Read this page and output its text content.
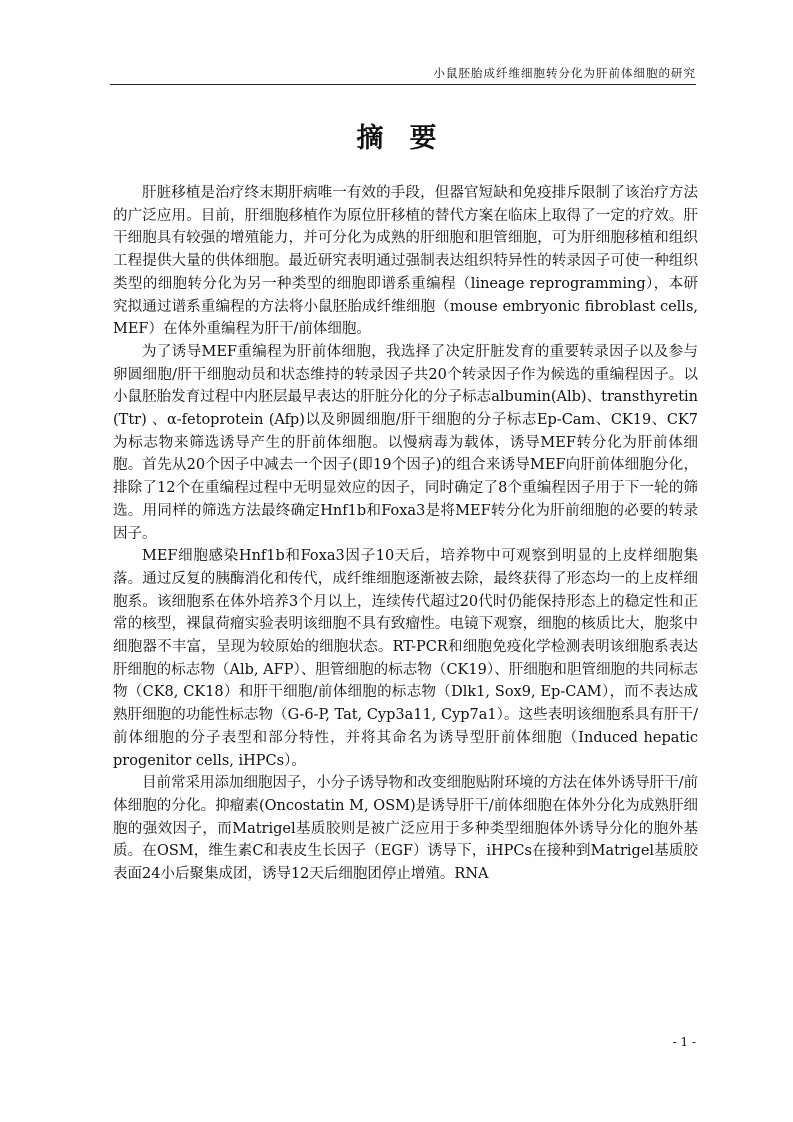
小鼠胚胎成纤维细胞转分化为肝前体细胞的研究
摘要

肝脏移植是治疗终末期肝病唯一有效的手段，但器官短缺和免疫排斥限制了该治疗方法的广泛应用。目前，肝细胞移植作为原位肝移植的替代方案在临床上取得了一定的疗效。肝干细胞具有较强的增殖能力，并可分化为成熟的肝细胞和胆管细胞，可为肝细胞移植和组织工程提供大量的供体细胞。最近研究表明通过强制表达组织特异性的转录因子可使一种组织类型的细胞转分化为另一种类型的细胞即谱系重编程（lineage reprogramming），本研究拟通过谱系重编程的方法将小鼠胚胎成纤维细胞（mouse embryonic fibroblast cells, MEF）在体外重编程为肝干/前体细胞。

为了诱导MEF重编程为肝前体细胞，我选择了决定肝脏发育的重要转录因子以及参与卵圆细胞/肝干细胞动员和状态维持的转录因子共20个转录因子作为候选的重编程因子。以小鼠胚胎发育过程中内胚层最早表达的肝脏分化的分子标志albumin(Alb)、transthyretin (Ttr) 、α-fetoprotein (Afp)以及卵圆细胞/肝干细胞的分子标志Ep-Cam、CK19、CK7为标志物来筛选诱导产生的肝前体细胞。以慢病毒为载体，诱导MEF转分化为肝前体细胞。首先从20个因子中减去一个因子(即19个因子)的组合来诱导MEF向肝前体细胞分化，排除了12个在重编程过程中无明显效应的因子，同时确定了8个重编程因子用于下一轮的筛选。用同样的筛选方法最终确定Hnf1b和Foxa3是将MEF转分化为肝前细胞的必要的转录因子。

MEF细胞感染Hnf1b和Foxa3因子10天后，培养物中可观察到明显的上皮样细胞集落。通过反复的胰酶消化和传代，成纤维细胞逐渐被去除，最终获得了形态均一的上皮样细胞系。该细胞系在体外培养3个月以上，连续传代超过20代时仍能保持形态上的稳定性和正常的核型，裸鼠荷瘤实验表明该细胞不具有致瘤性。电镜下观察，细胞的核质比大，胞浆中细胞器不丰富，呈现为较原始的细胞状态。RT-PCR和细胞免疫化学检测表明该细胞系表达肝细胞的标志物（Alb, AFP）、胆管细胞的标志物（CK19）、肝细胞和胆管细胞的共同标志物（CK8, CK18）和肝干细胞/前体细胞的标志物（Dlk1, Sox9, Ep-CAM），而不表达成熟肝细胞的功能性标志物（G-6-P, Tat, Cyp3a11, Cyp7a1）。这些表明该细胞系具有肝干/前体细胞的分子表型和部分特性，并将其命名为诱导型肝前体细胞（Induced hepatic progenitor cells, iHPCs）。

目前常采用添加细胞因子，小分子诱导物和改变细胞贴附环境的方法在体外诱导肝干/前体细胞的分化。抑瘤素(Oncostatin M, OSM)是诱导肝干/前体细胞在体外分化为成熟肝细胞的强效因子，而Matrigel基质胶则是被广泛应用于多种类型细胞体外诱导分化的胞外基质。在OSM，维生素C和表皮生长因子（EGF）诱导下，iHPCs在接种到Matrigel基质胶表面24小后聚集成团，诱导12天后细胞团停止增殖。RNA

- 1 -
